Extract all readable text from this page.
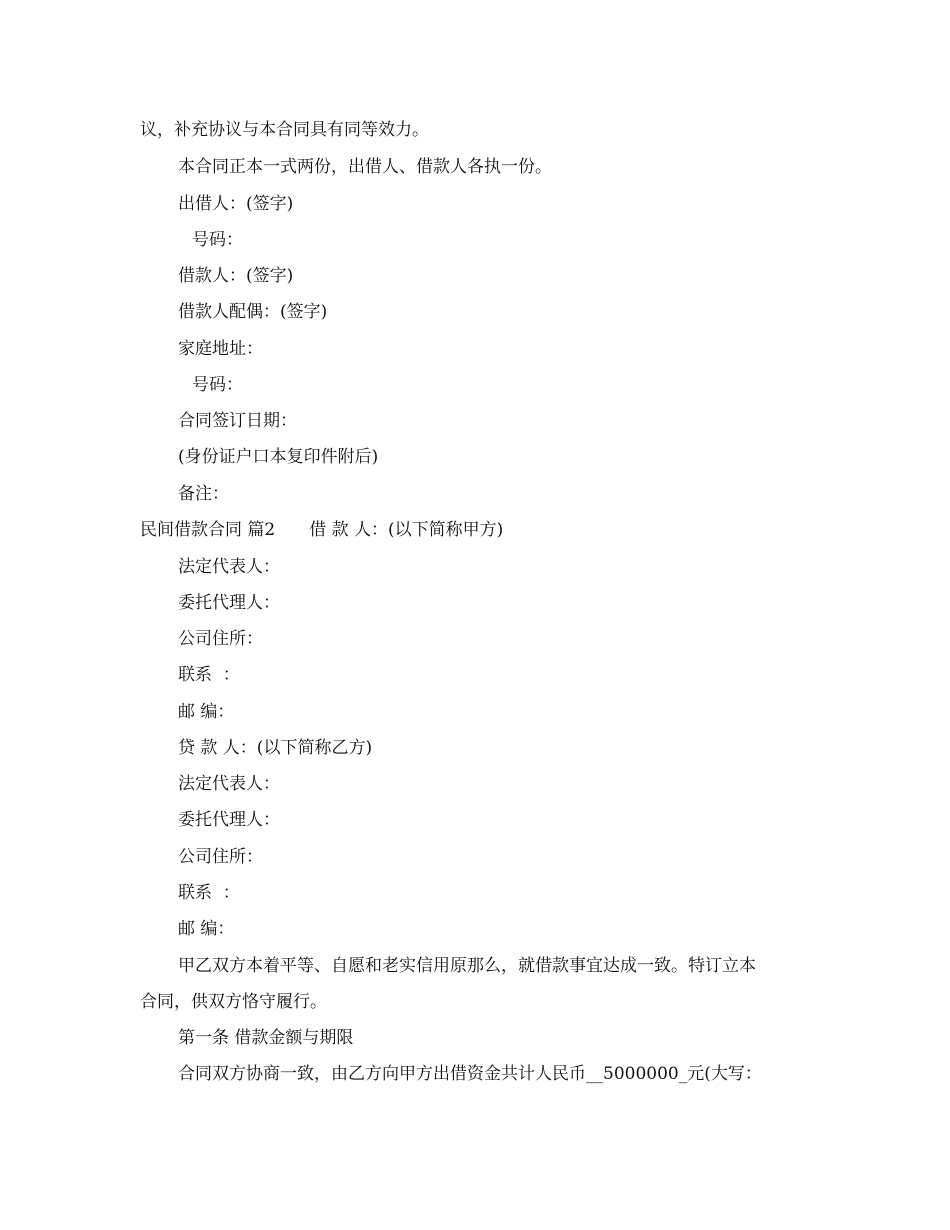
议，补充协议与本合同具有同等效力。
本合同正本一式两份，出借人、借款人各执一份。
出借人：(签字)
号码：
借款人：(签字)
借款人配偶：(签字)
家庭地址：
号码：
合同签订日期：
(身份证户口本复印件附后)
备注：
民间借款合同 篇2 借 款 人：(以下简称甲方)
法定代表人：
委托代理人：
公司住所：
联系  ：
邮 编：
贷 款 人：(以下简称乙方)
法定代表人：
委托代理人：
公司住所：
联系  ：
邮 编：
甲乙双方本着平等、自愿和老实信用原那么，就借款事宜达成一致。特订立本
合同，供双方恪守履行。
第一条 借款金额与期限
合同双方协商一致，由乙方向甲方出借资金共计人民币__5000000_元(大写：
